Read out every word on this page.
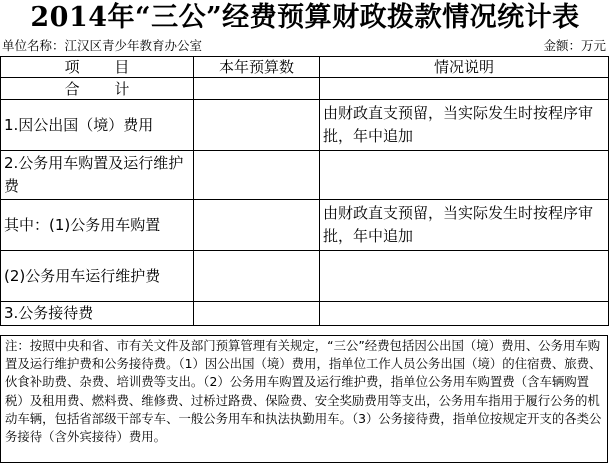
2014年“三公”经费预算财政拨款情况统计表
单位名称：江汉区青少年教育办公室	金额：万元
项 目	本年预算数	情况说明
合 计		
1.因公出国（境）费用		由财政直支预留，当实际发生时按程序审批，年中追加
2.公务用车购置及运行维护费		
其中：(1)公务用车购置		由财政直支预留，当实际发生时按程序审批，年中追加
(2)公务用车运行维护费		
3.公务接待费		
注：按照中央和省、市有关文件及部门预算管理有关规定，“三公”经费包括因公出国（境）费用、公务用车购置及运行维护费和公务接待费。（1）因公出国（境）费用，指单位工作人员公务出国（境）的住宿费、旅费、伙食补助费、杂费、培训费等支出。（2）公务用车购置及运行维护费，指单位公务用车购置费（含车辆购置税）及租用费、燃料费、维修费、过桥过路费、保险费、安全奖励费用等支出，公务用车指用于履行公务的机动车辆，包括省部级干部专车、一般公务用车和执法执勤用车。（3）公务接待费，指单位按规定开支的各类公务接待（含外宾接待）费用。
